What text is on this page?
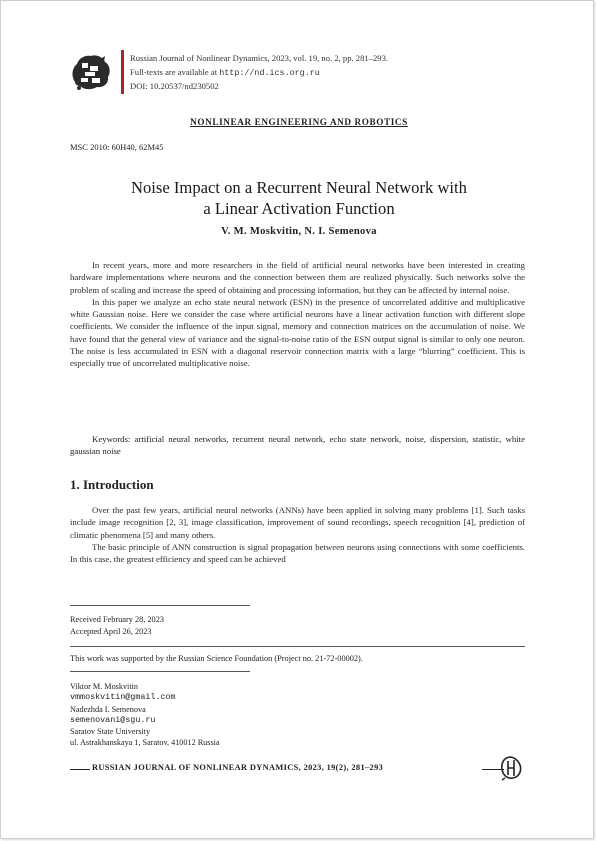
Russian Journal of Nonlinear Dynamics, 2023, vol. 19, no. 2, pp. 281–293.
Full-texts are available at http://nd.ics.org.ru
DOI: 10.20537/nd230502
NONLINEAR ENGINEERING AND ROBOTICS
MSC 2010: 60H40, 62M45
Noise Impact on a Recurrent Neural Network with
a Linear Activation Function
V. M. Moskvitin, N. I. Semenova

In recent years, more and more researchers in the field of artificial neural networks have been interested in creating hardware implementations where neurons and the connection between them are realized physically. Such networks solve the problem of scaling and increase the speed of obtaining and processing information, but they can be affected by internal noise.

In this paper we analyze an echo state neural network (ESN) in the presence of uncorrelated additive and multiplicative white Gaussian noise. Here we consider the case where artificial neurons have a linear activation function with different slope coefficients. We consider the influence of the input signal, memory and connection matrices on the accumulation of noise. We have found that the general view of variance and the signal-to-noise ratio of the ESN output signal is similar to only one neuron. The noise is less accumulated in ESN with a diagonal reservoir connection matrix with a large “blurring” coefficient. This is especially true of uncorrelated multiplicative noise.

Keywords: artificial neural networks, recurrent neural network, echo state network, noise, dispersion, statistic, white gaussian noise

1. Introduction

Over the past few years, artificial neural networks (ANNs) have been applied in solving many problems [1]. Such tasks include image recognition [2, 3], image classification, improvement of sound recordings, speech recognition [4], prediction of climatic phenomena [5] and many others.

The basic principle of ANN construction is signal propagation between neurons using connections with some coefficients. In this case, the greatest efficiency and speed can be achieved

Received February 28, 2023
Accepted April 26, 2023
This work was supported by the Russian Science Foundation (Project no. 21-72-00002).
Viktor M. Moskvitin
vmmoskvitin@gmail.com
Nadezhda I. Semenova
semenovani@sgu.ru
Saratov State University
ul. Astrakhanskaya 1, Saratov, 410012 Russia
RUSSIAN JOURNAL OF NONLINEAR DYNAMICS, 2023, 19(2), 281–293
